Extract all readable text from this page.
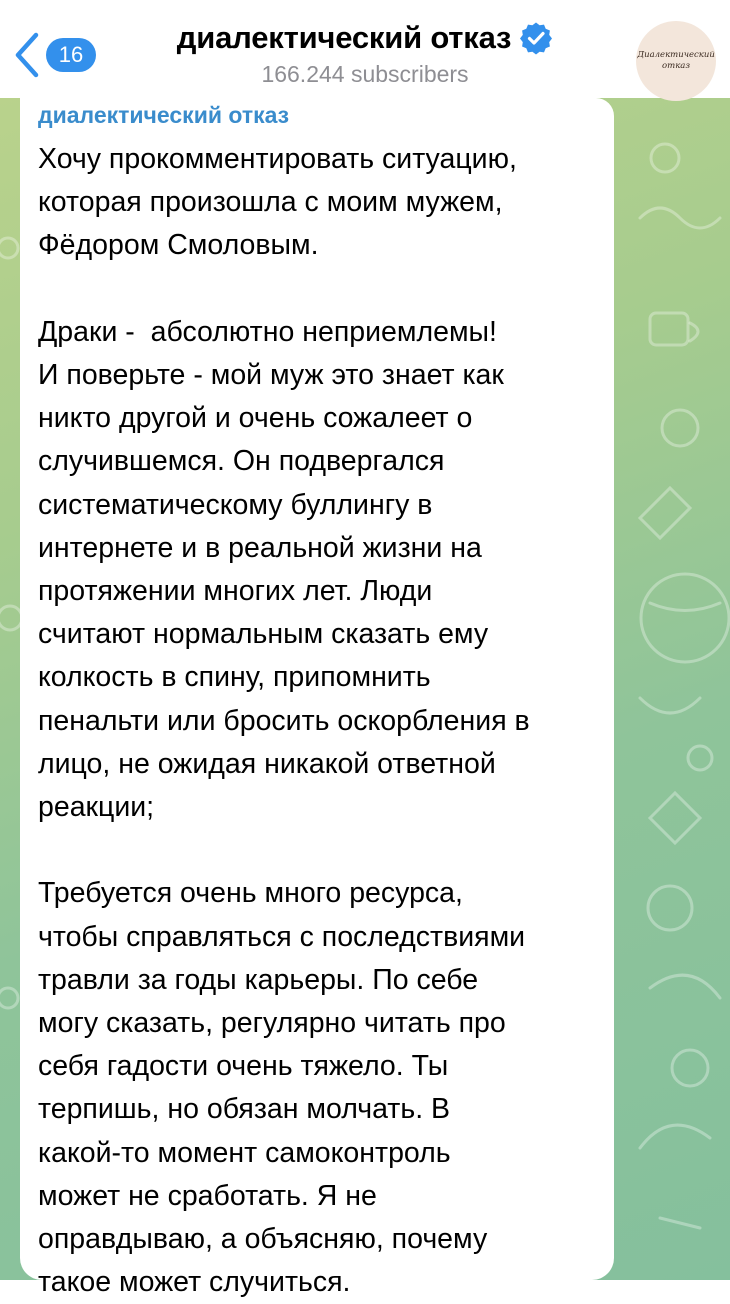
16	диалектический отказ
166.244 subscribers
Диалектический
отказ
диалектический отказ
Хочу прокомментировать ситуацию,
которая произошла с моим мужем,
Фёдором Смоловым.

Драки -  абсолютно неприемлемы!
И поверьте - мой муж это знает как
никто другой и очень сожалеет о
случившемся. Он подвергался
систематическому буллингу в
интернете и в реальной жизни на
протяжении многих лет. Люди
считают нормальным сказать ему
колкость в спину, припомнить
пенальти или бросить оскорбления в
лицо, не ожидая никакой ответной
реакции;

Требуется очень много ресурса,
чтобы справляться с последствиями
травли за годы карьеры. По себе
могу сказать, регулярно читать про
себя гадости очень тяжело. Ты
терпишь, но обязан молчать. В
какой-то момент самоконтроль
может не сработать. Я не
оправдываю, а объясняю, почему
такое может случиться.
